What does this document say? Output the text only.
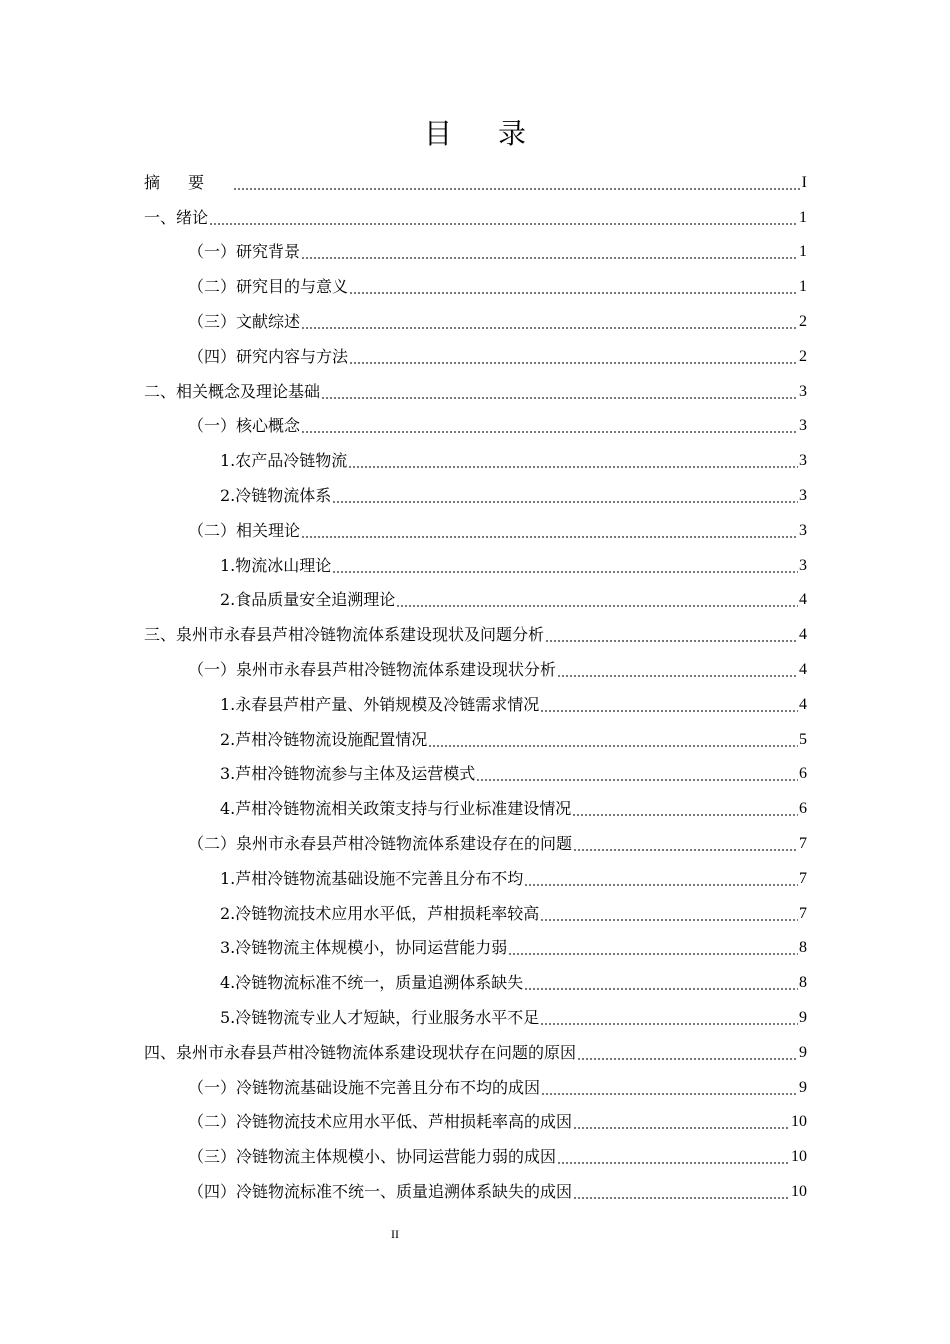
目录
摘要	I
一、绪论	1
（一）研究背景	1
（二）研究目的与意义	1
（三）文献综述	2
（四）研究内容与方法	2
二、相关概念及理论基础	3
（一）核心概念	3
1.农产品冷链物流	3
2.冷链物流体系	3
（二）相关理论	3
1.物流冰山理论	3
2.食品质量安全追溯理论	4
三、泉州市永春县芦柑冷链物流体系建设现状及问题分析	4
（一）泉州市永春县芦柑冷链物流体系建设现状分析	4
1.永春县芦柑产量、外销规模及冷链需求情况	4
2.芦柑冷链物流设施配置情况	5
3.芦柑冷链物流参与主体及运营模式	6
4.芦柑冷链物流相关政策支持与行业标准建设情况	6
（二）泉州市永春县芦柑冷链物流体系建设存在的问题	7
1.芦柑冷链物流基础设施不完善且分布不均	7
2.冷链物流技术应用水平低，芦柑损耗率较高	7
3.冷链物流主体规模小，协同运营能力弱	8
4.冷链物流标准不统一，质量追溯体系缺失	8
5.冷链物流专业人才短缺，行业服务水平不足	9
四、泉州市永春县芦柑冷链物流体系建设现状存在问题的原因	9
（一）冷链物流基础设施不完善且分布不均的成因	9
（二）冷链物流技术应用水平低、芦柑损耗率高的成因	10
（三）冷链物流主体规模小、协同运营能力弱的成因	10
（四）冷链物流标准不统一、质量追溯体系缺失的成因	10
II
